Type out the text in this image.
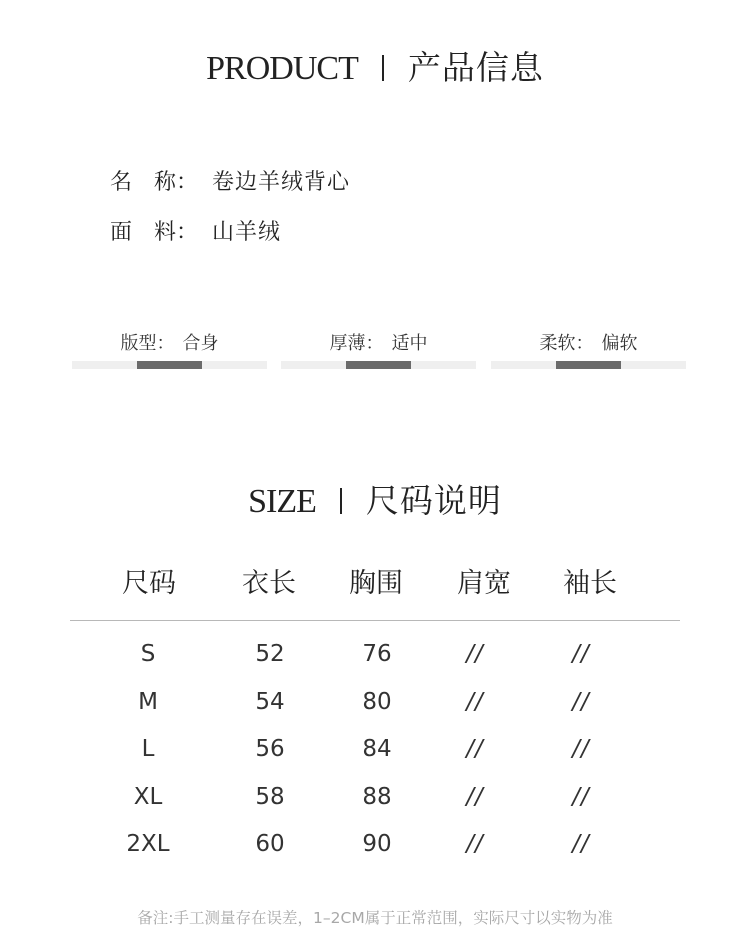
PRODUCT 产品信息
名　称： 卷边羊绒背心
面　料： 山羊绒
版型： 合身	厚薄： 适中	柔软： 偏软
SIZE 尺码说明
尺码	衣长	胸围	肩宽	袖长
S	52	76	//	//
M	54	80	//	//
L	56	84	//	//
XL	58	88	//	//
2XL	60	90	//	//
备注:手工测量存在误差，1–2CM属于正常范围，实际尺寸以实物为准
